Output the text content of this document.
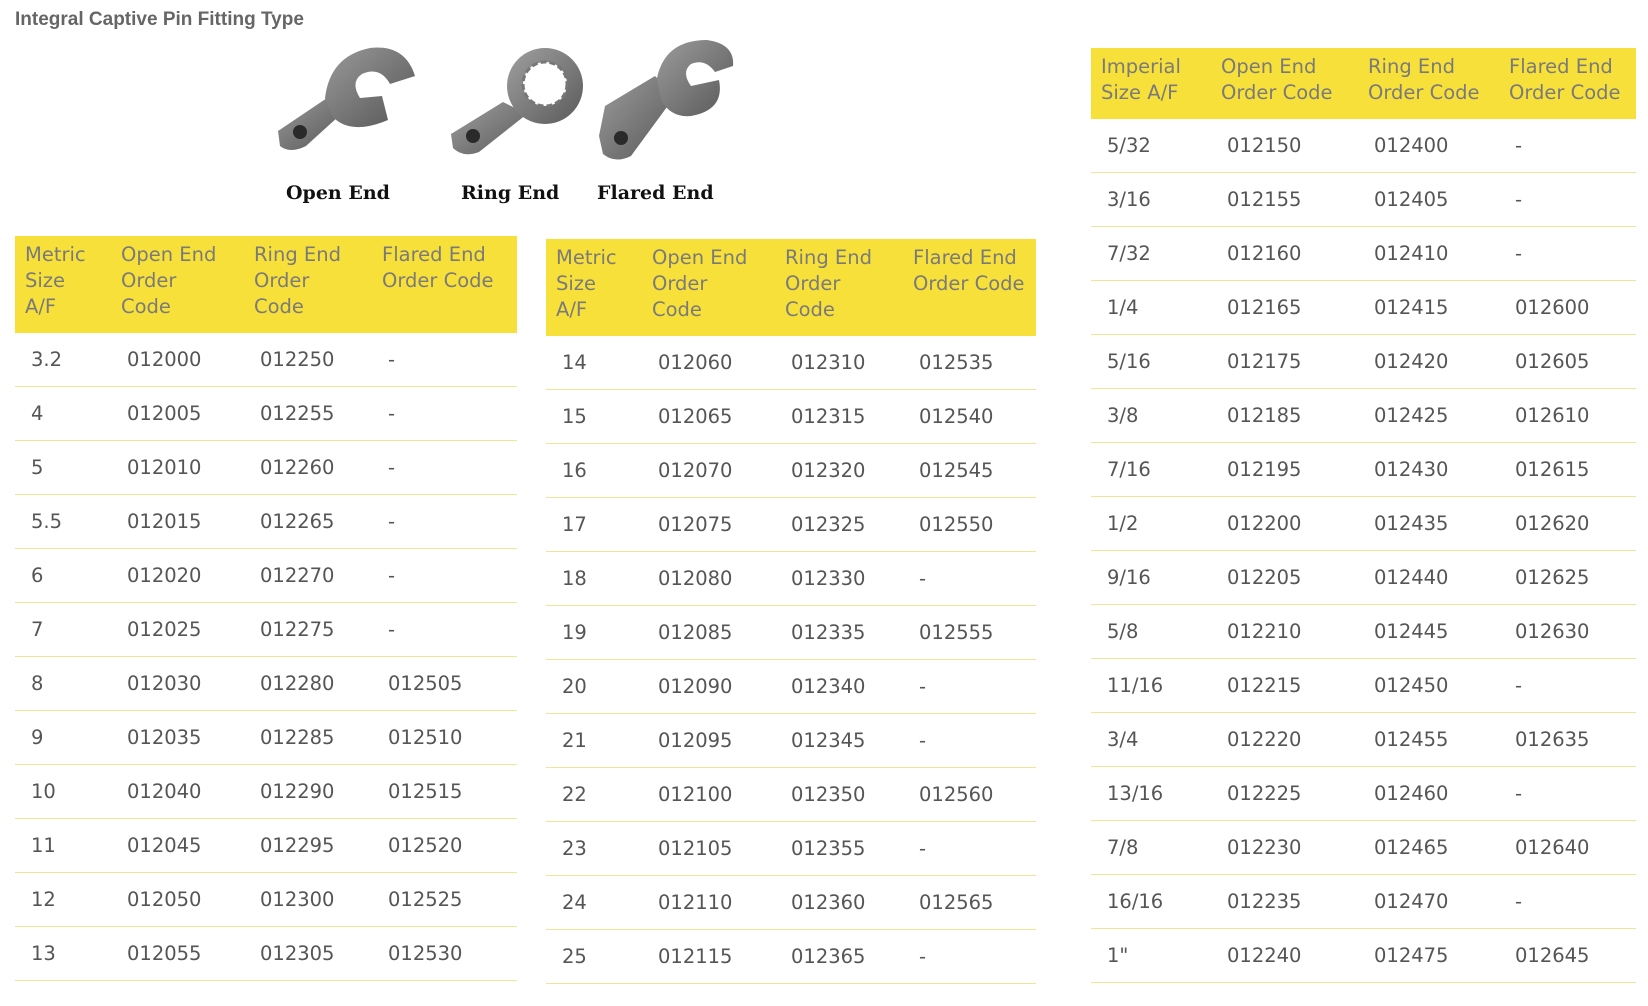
Integral Captive Pin Fitting Type
Open End	Ring End Flared End
Metric
Size
A/F	Open End
Order
Code	Ring End
Order
Code	Flared End
Order Code
3.2	012000	012250	-
4	012005	012255	-
5	012010	012260	-
5.5	012015	012265	-
6	012020	012270	-
7	012025	012275	-
8	012030	012280	012505
9	012035	012285	012510
10	012040	012290	012515
11	012045	012295	012520
12	012050	012300	012525
13	012055	012305	012530
Metric
Size
A/F	Open End
Order
Code	Ring End
Order
Code	Flared End
Order Code
14	012060	012310	012535
15	012065	012315	012540
16	012070	012320	012545
17	012075	012325	012550
18	012080	012330	-
19	012085	012335	012555
20	012090	012340	-
21	012095	012345	-
22	012100	012350	012560
23	012105	012355	-
24	012110	012360	012565
25	012115	012365	-
Imperial
Size A/F	Open End
Order Code	Ring End
Order Code	Flared End
Order Code
5/32	012150	012400	-
3/16	012155	012405	-
7/32	012160	012410	-
1/4	012165	012415	012600
5/16	012175	012420	012605
3/8	012185	012425	012610
7/16	012195	012430	012615
1/2	012200	012435	012620
9/16	012205	012440	012625
5/8	012210	012445	012630
11/16	012215	012450	-
3/4	012220	012455	012635
13/16	012225	012460	-
7/8	012230	012465	012640
16/16	012235	012470	-
1"	012240	012475	012645
